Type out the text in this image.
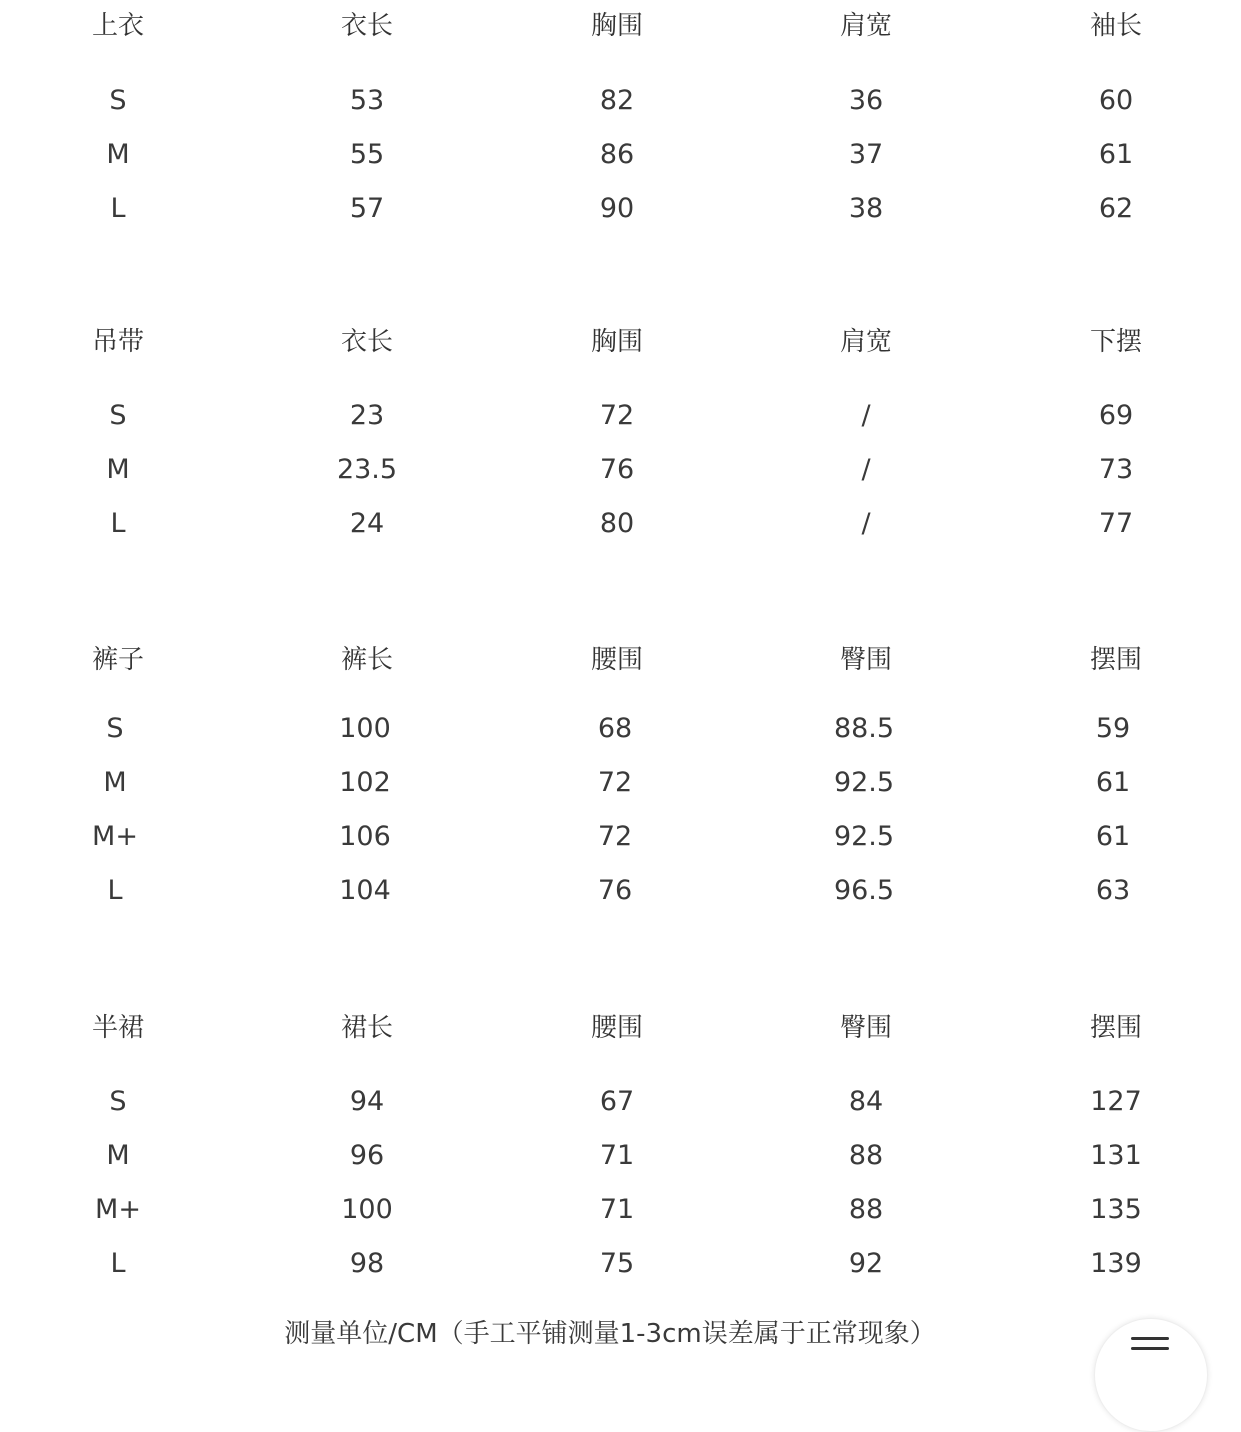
上衣	衣长	胸围	肩宽	袖长
S	53	82	36	60
M	55	86	37	61
L	57	90	38	62
吊带	衣长	胸围	肩宽	下摆
S	23	72	/	69
M	23.5	76	/	73
L	24	80	/	77
裤子	裤长	腰围	臀围	摆围
S	100	68	88.5	59
M	102	72	92.5	61
M+	106	72	92.5	61
L	104	76	96.5	63
半裙	裙长	腰围	臀围	摆围
S	94	67	84	127
M	96	71	88	131
M+	100	71	88	135
L	98	75	92	139
测量单位/CM（手工平铺测量1-3cm误差属于正常现象）
